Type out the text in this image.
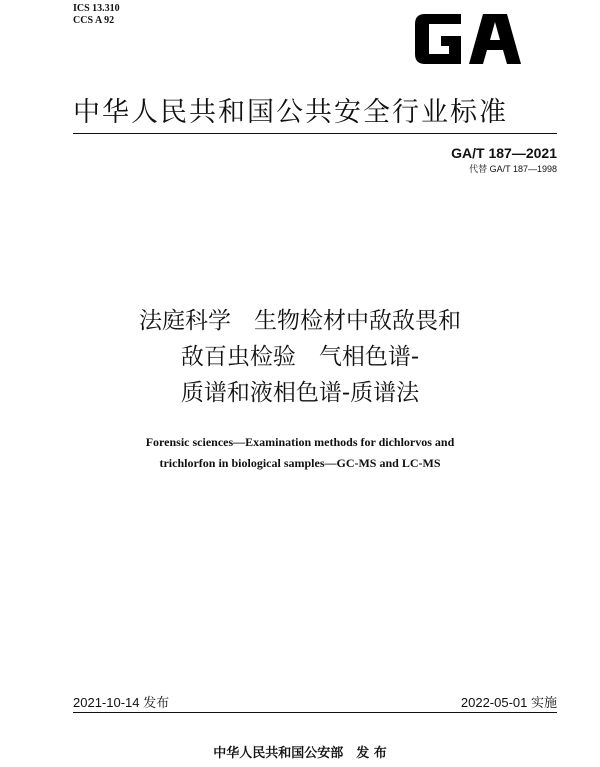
ICS 13.310
CCS A 92
中华人民共和国公共安全行业标准
GA/T 187—2021
代替 GA/T 187—1998
法庭科学　生物检材中敌敌畏和
敌百虫检验　气相色谱-
质谱和液相色谱-质谱法
Forensic sciences—Examination methods for dichlorvos and
trichlorfon in biological samples—GC-MS and LC-MS
2021-10-14 发布	2022-05-01 实施
中华人民共和国公安部　发 布
